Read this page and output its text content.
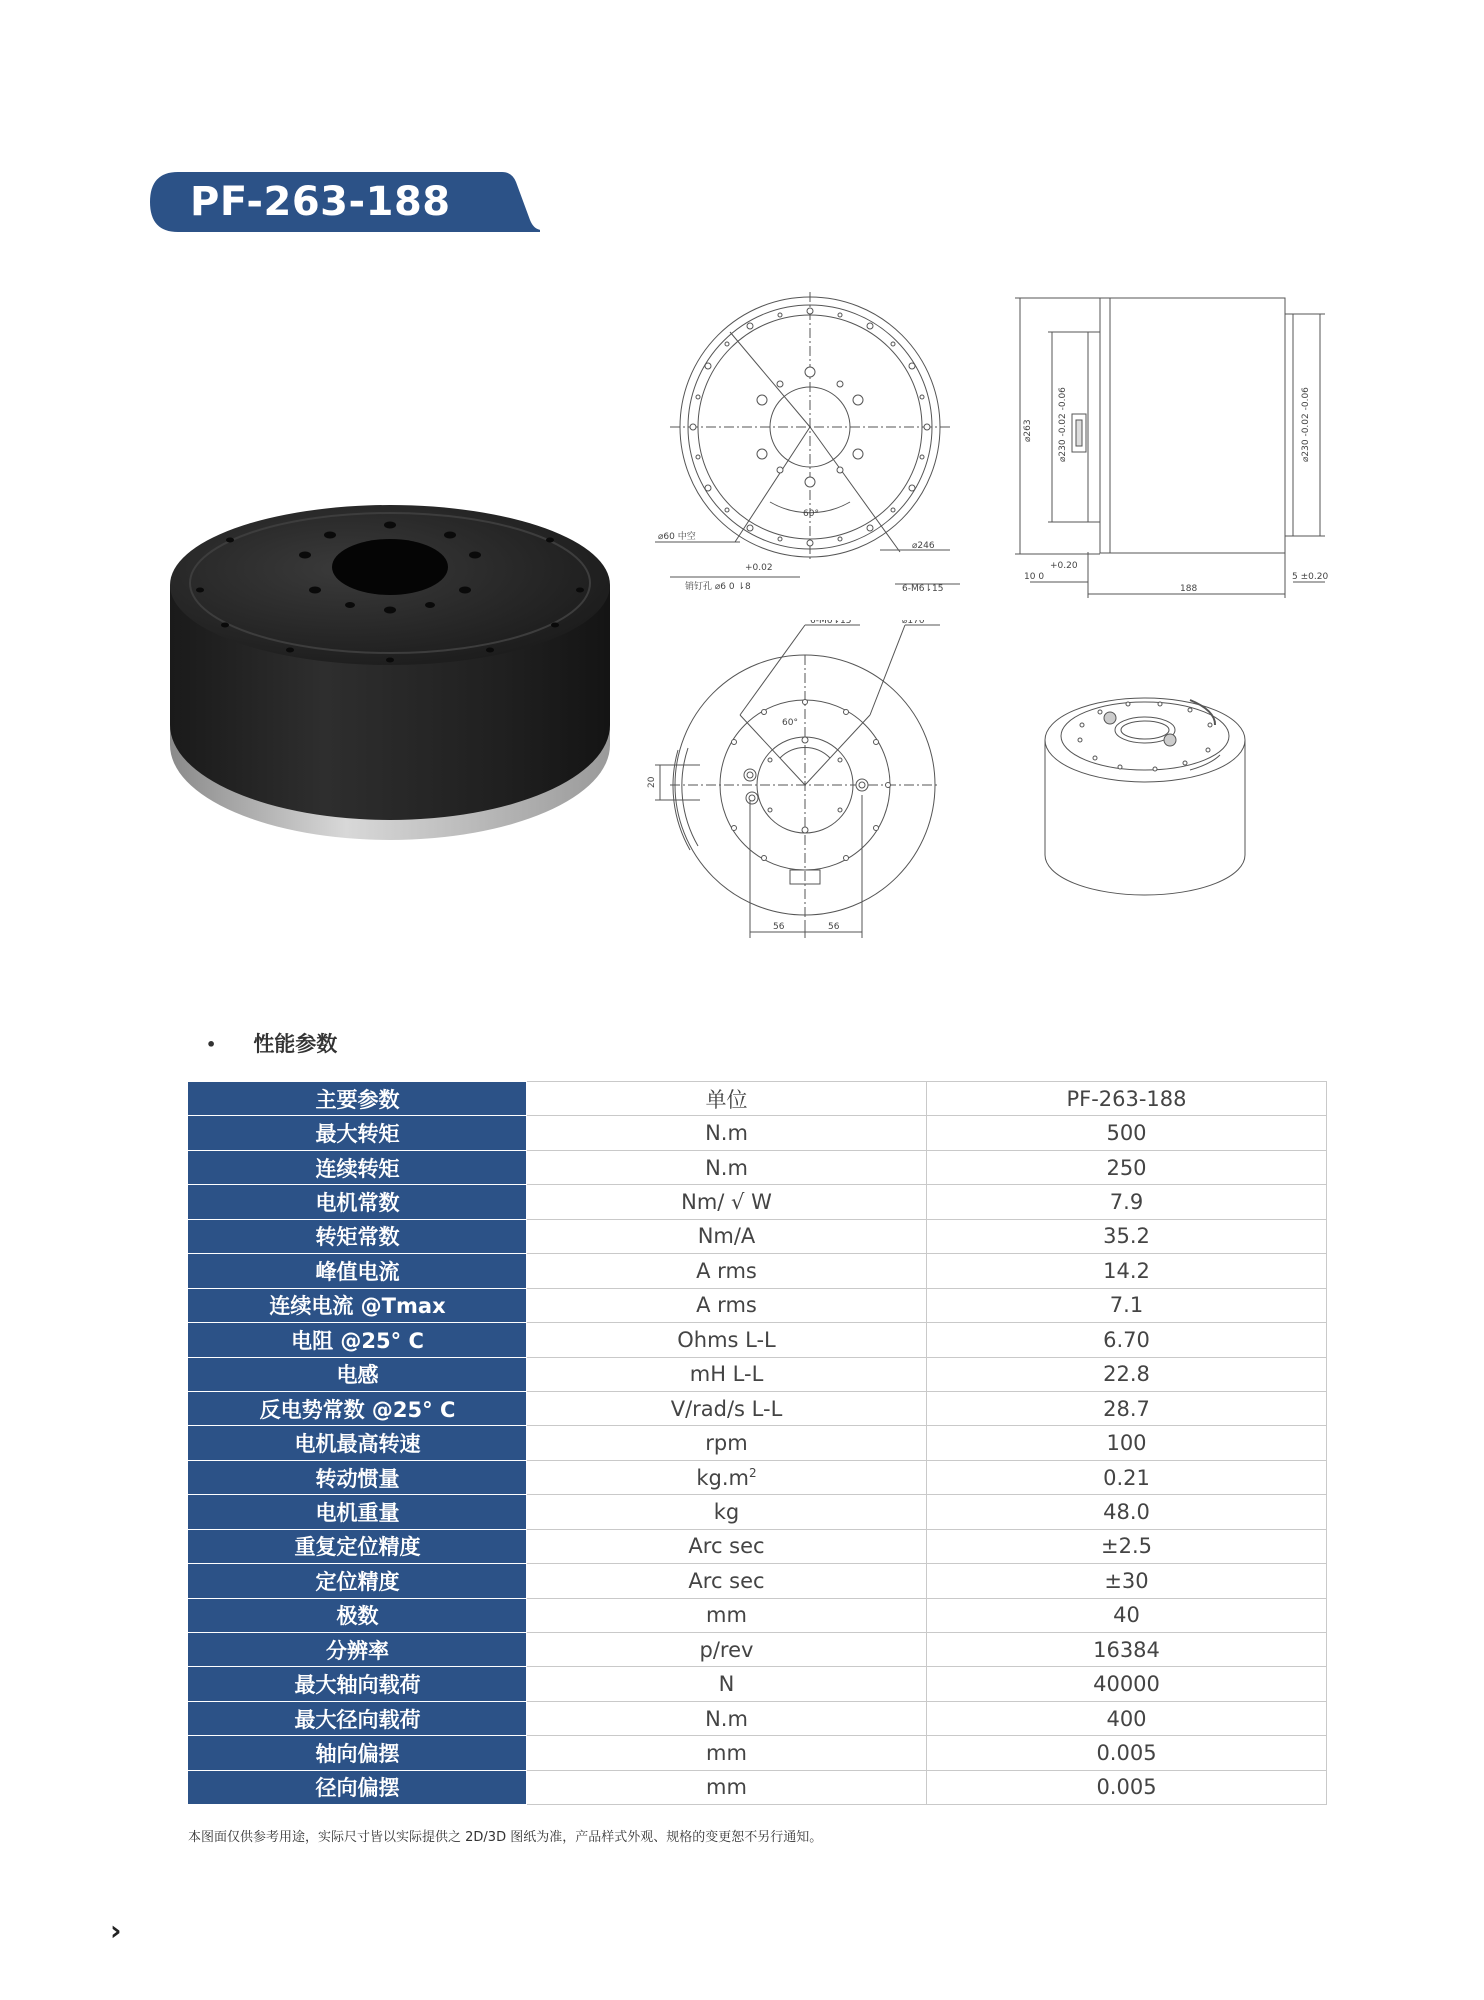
PF-263-188
⌀60 中空
60°
⌀246
+0.02
销钉孔 ⌀6 0 ⇂8	6-M6⇂15
⌀263	⌀230 -0.02 -0.06	⌀230 -0.02 -0.06
+0.20
10 0
188
5 ±0.20
6-M6⇂15	⌀170
60°
20
56	56
• 性能参数
主要参数	单位	PF-263-188
最大转矩	N.m	500
连续转矩	N.m	250
电机常数	Nm/ √ W	7.9
转矩常数	Nm/A	35.2
峰值电流	A rms	14.2
连续电流 @Tmax	A rms	7.1
电阻 @25° C	Ohms L-L	6.70
电感	mH L-L	22.8
反电势常数 @25° C	V/rad/s L-L	28.7
电机最高转速	rpm	100
转动惯量	$kg.m^2$	0.21
电机重量	kg	48.0
重复定位精度	Arc sec	±2.5
定位精度	Arc sec	±30
极数	mm	40
分辨率	p/rev	16384
最大轴向载荷	N	40000
最大径向载荷	N.m	400
轴向偏摆	mm	0.005
径向偏摆	mm	0.005
本图面仅供参考用途，实际尺寸皆以实际提供之 2D/3D 图纸为准，产品样式外观、规格的变更恕不另行通知。
›
